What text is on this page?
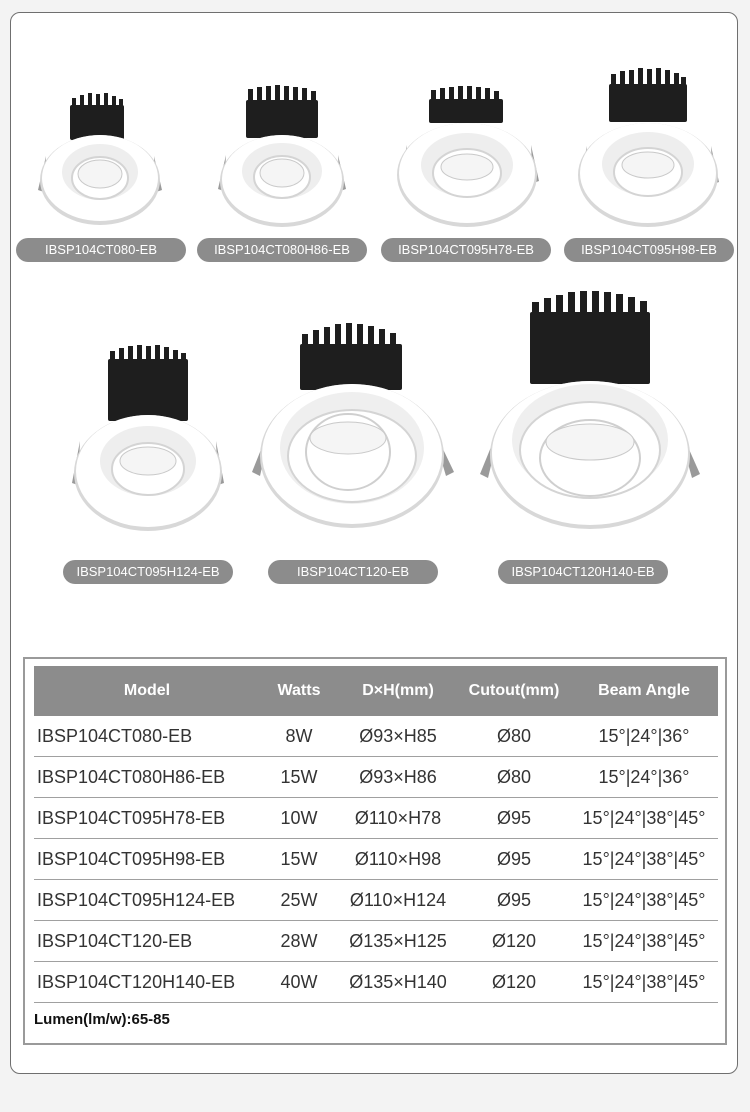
IBSP104CT080-EB	IBSP104CT080H86-EB	IBSP104CT095H78-EB	IBSP104CT095H98-EB
IBSP104CT095H124-EB	IBSP104CT120-EB	IBSP104CT120H140-EB
Model	Watts	D×H(mm)	Cutout(mm)	Beam Angle
IBSP104CT080-EB	8W	Ø93×H85	Ø80	15°|24°|36°
IBSP104CT080H86-EB	15W	Ø93×H86	Ø80	15°|24°|36°
IBSP104CT095H78-EB	10W	Ø110×H78	Ø95	15°|24°|38°|45°
IBSP104CT095H98-EB	15W	Ø110×H98	Ø95	15°|24°|38°|45°
IBSP104CT095H124-EB	25W	Ø110×H124	Ø95	15°|24°|38°|45°
IBSP104CT120-EB	28W	Ø135×H125	Ø120	15°|24°|38°|45°
IBSP104CT120H140-EB	40W	Ø135×H140	Ø120	15°|24°|38°|45°
Lumen(lm/w):65-85
